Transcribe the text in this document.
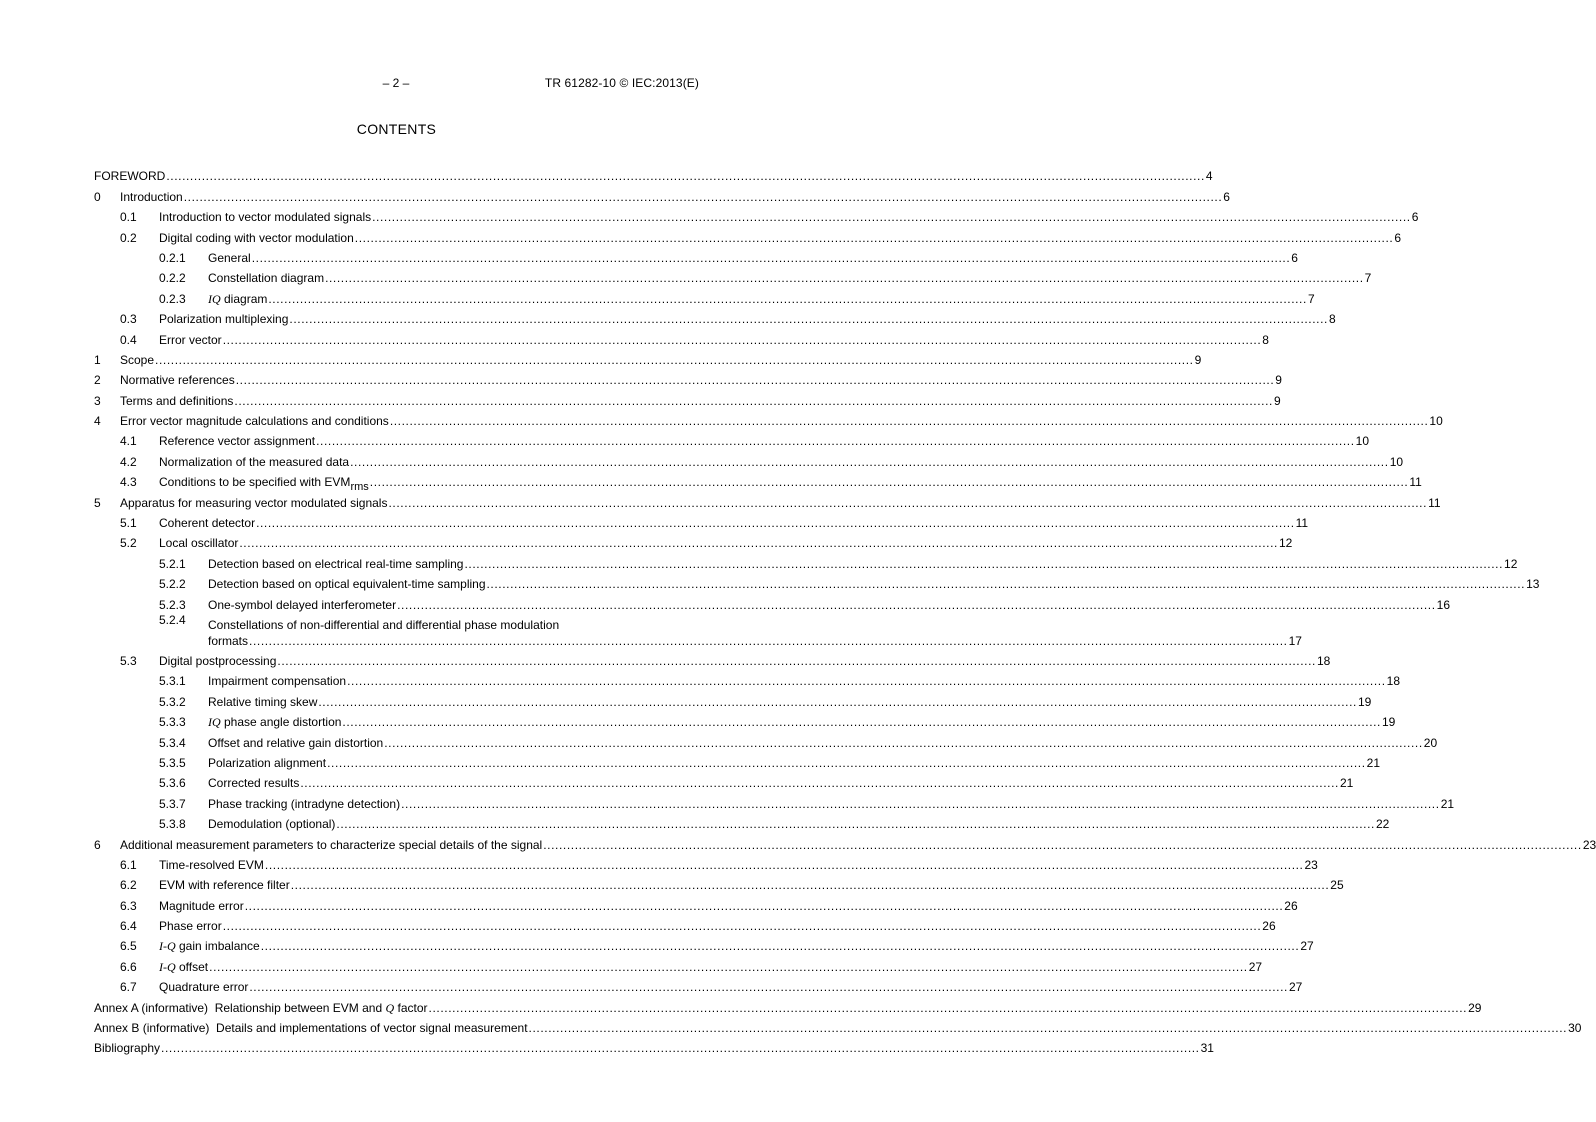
– 2 –	TR 61282-10 © IEC:2013(E)
CONTENTS
FOREWORD .....	4
0	Introduction .....	6
0.1	Introduction to vector modulated signals .....	6
0.2	Digital coding with vector modulation .....	6
0.2.1	General .....	6
0.2.2	Constellation diagram .....	7
0.2.3	IQ diagram .....	7
0.3	Polarization multiplexing .....	8
0.4	Error vector .....	8
1	Scope .....	9
2	Normative references .....	9
3	Terms and definitions .....	9
4	Error vector magnitude calculations and conditions .....	10
4.1	Reference vector assignment .....	10
4.2	Normalization of the measured data .....	10
4.3	Conditions to be specified with $EVM_{rms}$ .....	11
5	Apparatus for measuring vector modulated signals .....	11
5.1	Coherent detector .....	11
5.2	Local oscillator .....	12
5.2.1	Detection based on electrical real-time sampling .....	12
5.2.2	Detection based on optical equivalent-time sampling .....	13
5.2.3	One-symbol delayed interferometer .....	16
5.2.4	Constellations of non-differential and differential phase modulation
formats .....	17
5.3	Digital postprocessing .....	18
5.3.1	Impairment compensation .....	18
5.3.2	Relative timing skew .....	19
5.3.3	IQ phase angle distortion .....	19
5.3.4	Offset and relative gain distortion .....	20
5.3.5	Polarization alignment .....	21
5.3.6	Corrected results .....	21
5.3.7	Phase tracking (intradyne detection) .....	21
5.3.8	Demodulation (optional) .....	22
6	Additional measurement parameters to characterize special details of the signal .....	23
6.1	Time-resolved EVM .....	23
6.2	EVM with reference filter .....	25
6.3	Magnitude error .....	26
6.4	Phase error .....	26
6.5	I-Q gain imbalance .....	27
6.6	I-Q offset .....	27
6.7	Quadrature error .....	27
Annex A (informative)  Relationship between EVM and Q factor .....	29
Annex B (informative)  Details and implementations of vector signal measurement .....	30
Bibliography .....	31
